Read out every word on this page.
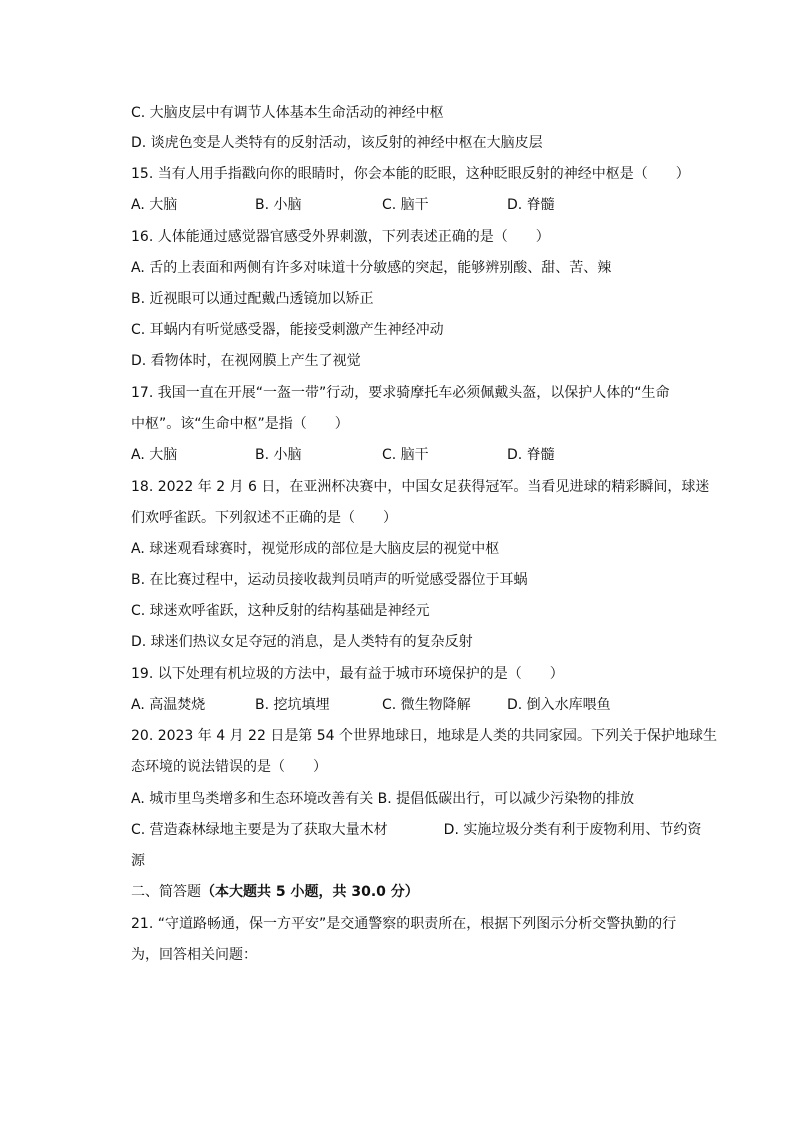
C. 大脑皮层中有调节人体基本生命活动的神经中枢
D. 谈虎色变是人类特有的反射活动，该反射的神经中枢在大脑皮层
15. 当有人用手指戳向你的眼睛时，你会本能的眨眼，这种眨眼反射的神经中枢是（　　）
A. 大脑	B. 小脑	C. 脑干	D. 脊髓
16. 人体能通过感觉器官感受外界刺激，下列表述正确的是（　　）
A. 舌的上表面和两侧有许多对味道十分敏感的突起，能够辨别酸、甜、苦、辣
B. 近视眼可以通过配戴凸透镜加以矫正
C. 耳蜗内有听觉感受器，能接受刺激产生神经冲动
D. 看物体时，在视网膜上产生了视觉
17. 我国一直在开展“一盔一带”行动，要求骑摩托车必须佩戴头盔，以保护人体的“生命
中枢”。该“生命中枢”是指（　　）
A. 大脑	B. 小脑	C. 脑干	D. 脊髓
18. 2022 年 2 月 6 日，在亚洲杯决赛中，中国女足获得冠军。当看见进球的精彩瞬间，球迷
们欢呼雀跃。下列叙述不正确的是（　　）
A. 球迷观看球赛时，视觉形成的部位是大脑皮层的视觉中枢
B. 在比赛过程中，运动员接收裁判员哨声的听觉感受器位于耳蜗
C. 球迷欢呼雀跃，这种反射的结构基础是神经元
D. 球迷们热议女足夺冠的消息，是人类特有的复杂反射
19. 以下处理有机垃圾的方法中，最有益于城市环境保护的是（　　）
A. 高温焚烧	B. 挖坑填埋	C. 微生物降解	D. 倒入水库喂鱼
20. 2023 年 4 月 22 日是第 54 个世界地球日，地球是人类的共同家园。下列关于保护地球生
态环境的说法错误的是（　　）
A. 城市里鸟类增多和生态环境改善有关 B. 提倡低碳出行，可以减少污染物的排放
C. 营造森林绿地主要是为了获取大量木材　　　　D. 实施垃圾分类有利于废物利用、节约资
源
二、简答题（本大题共 5 小题，共 30.0 分）
21. “守道路畅通，保一方平安”是交通警察的职责所在，根据下列图示分析交警执勤的行
为，回答相关问题：
